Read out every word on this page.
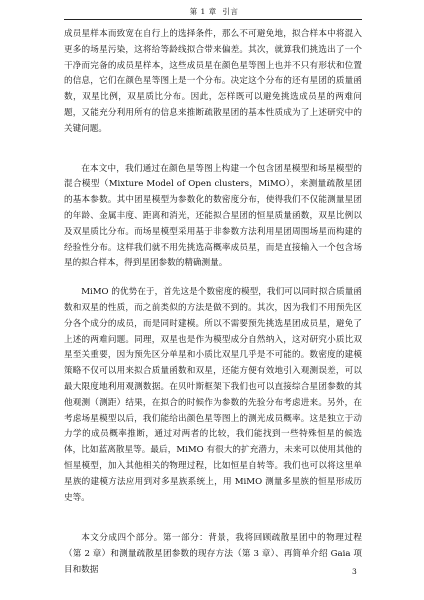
第 1 章 引言

成员星样本而致宽在自行上的选择条件，那么不可避免地，拟合样本中将混入更多的场星污染，这将给等龄线拟合带来偏差。其次，就算我们挑选出了一个干净而完备的成员星样本，这些成员星在颜色星等图上也并不只有形状和位置的信息，它们在颜色星等图上是一个分布。决定这个分布的还有星团的质量函数，双星比例，双星质比分布。因此，怎样既可以避免挑选成员星的两难问题，又能充分利用所有的信息来推断疏散星团的基本性质成为了上述研究中的关键问题。

在本文中，我们通过在颜色星等图上构建一个包含团星模型和场星模型的混合模型（Mixture Model of Open clusters，MiMO），来测量疏散星团的基本参数。其中团星模型为参数化的数密度分布，使得我们不仅能测量星团的年龄、金属丰度、距离和消光，还能拟合星团的恒星质量函数，双星比例以及双星质比分布。而场星模型采用基于非参数方法利用星团周围场星而构建的经验性分布。这样我们就不用先挑选高概率成员星，而是直接输入一个包含场星的拟合样本，得到星团参数的精确测量。

MiMO 的优势在于，首先这是个数密度的模型，我们可以同时拟合质量函数和双星的性质，而之前类似的方法是做不到的。其次，因为我们不用预先区分各个成分的成员，而是同时建模。所以不需要预先挑选星团成员星，避免了上述的两难问题。同理，双星也是作为模型成分自然纳入，这对研究小质比双星至关重要，因为预先区分单星和小质比双星几乎是不可能的。数密度的建模策略不仅可以用来拟合质量函数和双星，还能方便有效地引入观测误差，可以最大限度地利用观测数据。在贝叶斯框架下我们也可以直接综合星团参数的其他观测（测距）结果，在拟合的时候作为参数的先验分布考虑进来。另外，在考虑场星模型以后，我们能给出颜色星等图上的测光成员概率。这是独立于动力学的成员概率推断，通过对两者的比较，我们能找到一些特殊恒星的候选体，比如蓝离散星等。最后，MiMO 有很大的扩充潜力，未来可以使用其他的恒星模型，加入其他相关的物理过程，比如恒星自转等。我们也可以将这里单星族的建模方法应用到对多星族系统上，用 MiMO 测量多星族的恒星形成历史等。

本文分成四个部分。第一部分：背景，我将回顾疏散星团中的物理过程（第 2 章）和测量疏散星团参数的现存方法（第 3 章）、再简单介绍 Gaia 项目和数据	3
